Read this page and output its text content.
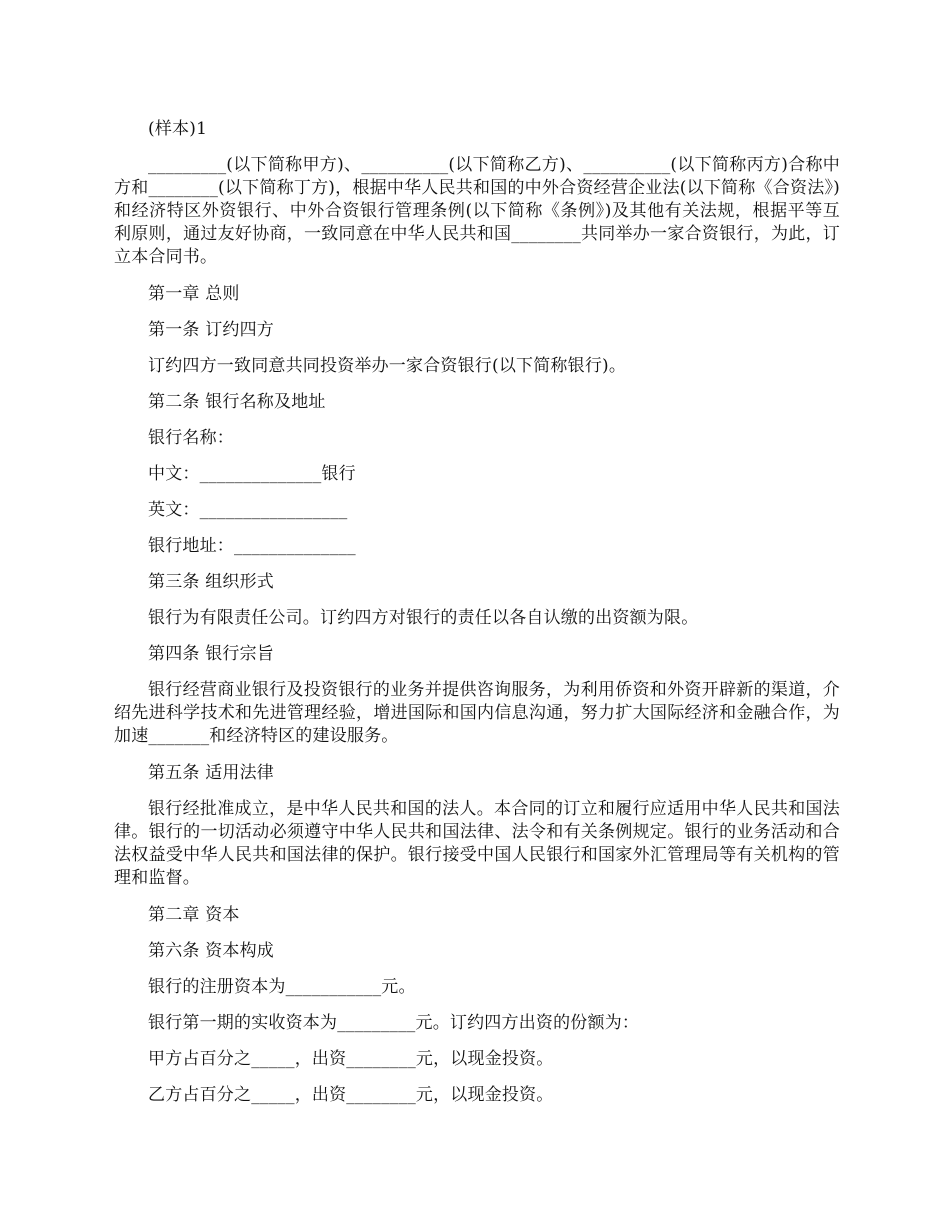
(样本)1

_________(以下简称甲方)、__________(以下简称乙方)、__________(以下简称丙方)合称中方和________(以下简称丁方)，根据中华人民共和国的中外合资经营企业法(以下简称《合资法》)和经济特区外资银行、中外合资银行管理条例(以下简称《条例》)及其他有关法规，根据平等互利原则，通过友好协商，一致同意在中华人民共和国________共同举办一家合资银行，为此，订立本合同书。

第一章 总则

第一条 订约四方

订约四方一致同意共同投资举办一家合资银行(以下简称银行)。

第二条 银行名称及地址

银行名称：

中文：______________银行

英文：_________________

银行地址：______________

第三条 组织形式

银行为有限责任公司。订约四方对银行的责任以各自认缴的出资额为限。

第四条 银行宗旨

银行经营商业银行及投资银行的业务并提供咨询服务，为利用侨资和外资开辟新的渠道，介绍先进科学技术和先进管理经验，增进国际和国内信息沟通，努力扩大国际经济和金融合作，为加速_______和经济特区的建设服务。

第五条 适用法律

银行经批准成立，是中华人民共和国的法人。本合同的订立和履行应适用中华人民共和国法律。银行的一切活动必须遵守中华人民共和国法律、法令和有关条例规定。银行的业务活动和合法权益受中华人民共和国法律的保护。银行接受中国人民银行和国家外汇管理局等有关机构的管理和监督。

第二章 资本

第六条 资本构成

银行的注册资本为___________元。

银行第一期的实收资本为_________元。订约四方出资的份额为：

甲方占百分之_____，出资________元，以现金投资。

乙方占百分之_____，出资________元，以现金投资。
